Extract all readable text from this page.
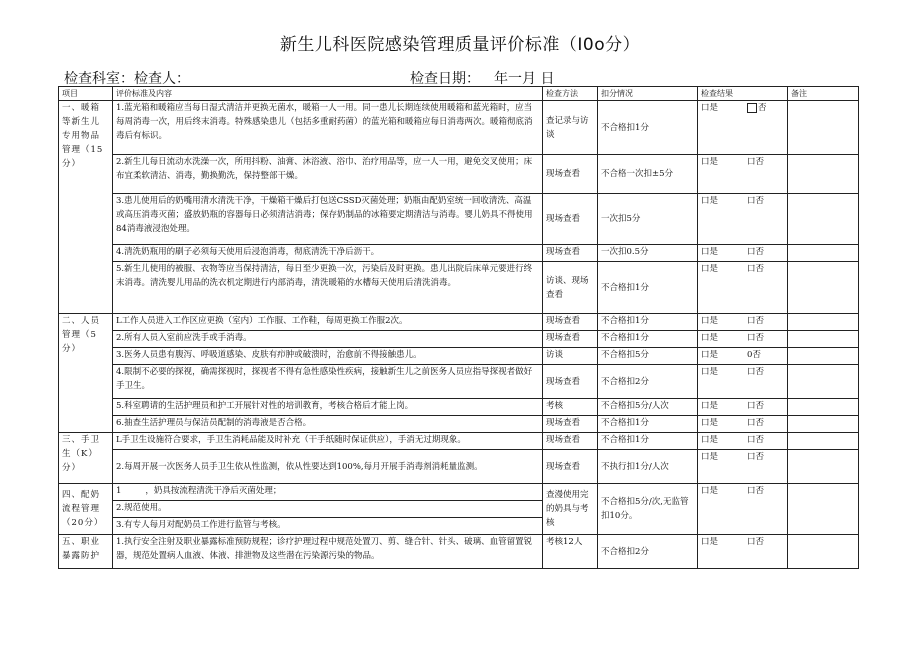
新生儿科医院感染管理质量评价标准（I0o分）
检查科室：检查人：	检查日期： 年一月 日
项目	评价标准及内容	检查方法	扣分情况	检查结果	备注
一、暖箱等新生儿专用物品管理（15分）	1.蓝光箱和暖箱应当每日湿式清洁并更换无菌水，暖箱一人一用。同一患儿长期连续使用暖箱和蓝光箱时，应当每周消毒一次，用后终末消毒。特殊感染患儿（包括多重耐药菌）的蓝光箱和暖箱应每日消毒两次。暖箱彻底消毒后有标识。	查记录与访谈	不合格扣1分	口是 否	
	2.新生儿每日流动水洗澡一次，所用抖粉、油膏、沐浴液、浴巾、治疗用品等，应一人一用，避免交叉使用；床布宜柔软清洁、消毒，勤换勤洗，保持整部干燥。	现场查看	不合格一次扣±5分	口是 口否	
	3.患儿使用后的奶嘴用清水清洗干净，干燥箱干燥后打包送CSSD灭菌处理；奶瓶由配奶室统一回收清洗、高温或高压消毒灭菌；盛放奶瓶的容器每日必须清洁消毒；保存奶制品的冰箱要定期清洁与消毒。婴儿奶具不得使用84消毒液浸泡处理。	现场查看	一次扣5分	口是 口否	
	4.清洗奶瓶用的刷子必须每天使用后浸泡消毒，彻底清洗干净后沥干。	现场查看	一次扣0.5分	口是 口否	
	5.新生儿使用的被服、衣物等应当保持清洁，每日至少更换一次，污染后及时更换。患儿出院后床单元要进行终末消毒。清洗婴儿用品的洗衣机定期进行内部消毒，清洗暖箱的水槽每天使用后清洗消毒。	访谈、现场查看	不合格扣1分	口是 口否	
二、人员管理（5分）	L工作人员进入工作区应更换（室内）工作服、工作鞋，每周更换工作服2次。	现场查看	不合格扣1分	口是 口否	
	2.所有人员入室前应洗手或手消毒。	现场查看	不合格扣1分	口是 口否	
	3.医务人员患有腹泻、呼吸道感染、皮肤有疖肿或破溃时，治愈前不得接触患儿。	访谈	不合格扣5分	口是 0否	
	4.限制不必要的探视，确需探视时，探视者不得有急性感染性疾病，接触新生儿之前医务人员应指导探视者做好手卫生。	现场查看	不合格扣2分	口是 口否	
	5.科室聘请的生活护理员和护工开展针对性的培训教育，考核合格后才能上岗。	考核	不合格扣5分/人次	口是 口否	
	6.抽查生活护理员与保洁员配制的消毒液是否合格。	现场查看	不合格扣1分	口是 口否	
三、手卫生（K）分）	L手卫生设施符合要求，手卫生消耗品能及时补充（干手纸随时保证供应），手消无过期现象。	现场查看	不合格扣1分	口是 口否	
	2.每周开展一次医务人员手卫生依从性监测，依从性要达到100%,每月开展手消毒剂消耗量监测。	现场查看	不执行扣1分/人次	口是 口否	
四、配奶流程管理（20分）	1 ，奶具按流程清洗干净后灭菌处理；	查漫使用完的奶具与考核	不合格扣5分/次,无监管扣10分。	口是 口否	
	2.规范使用。				
	3.有专人每月对配奶员工作进行监管与考核。				
五、职业暴露防护	1.执行安全注射及职业暴露标准预防规程；诊疗护理过程中规范处置刀、剪、缝合针、针头、破璃、血管留置锐器，规范处置病人血液、体液、排泄物及这些潜在污染源污染的物品。	考核12人	不合格扣2分	口是 口否	
